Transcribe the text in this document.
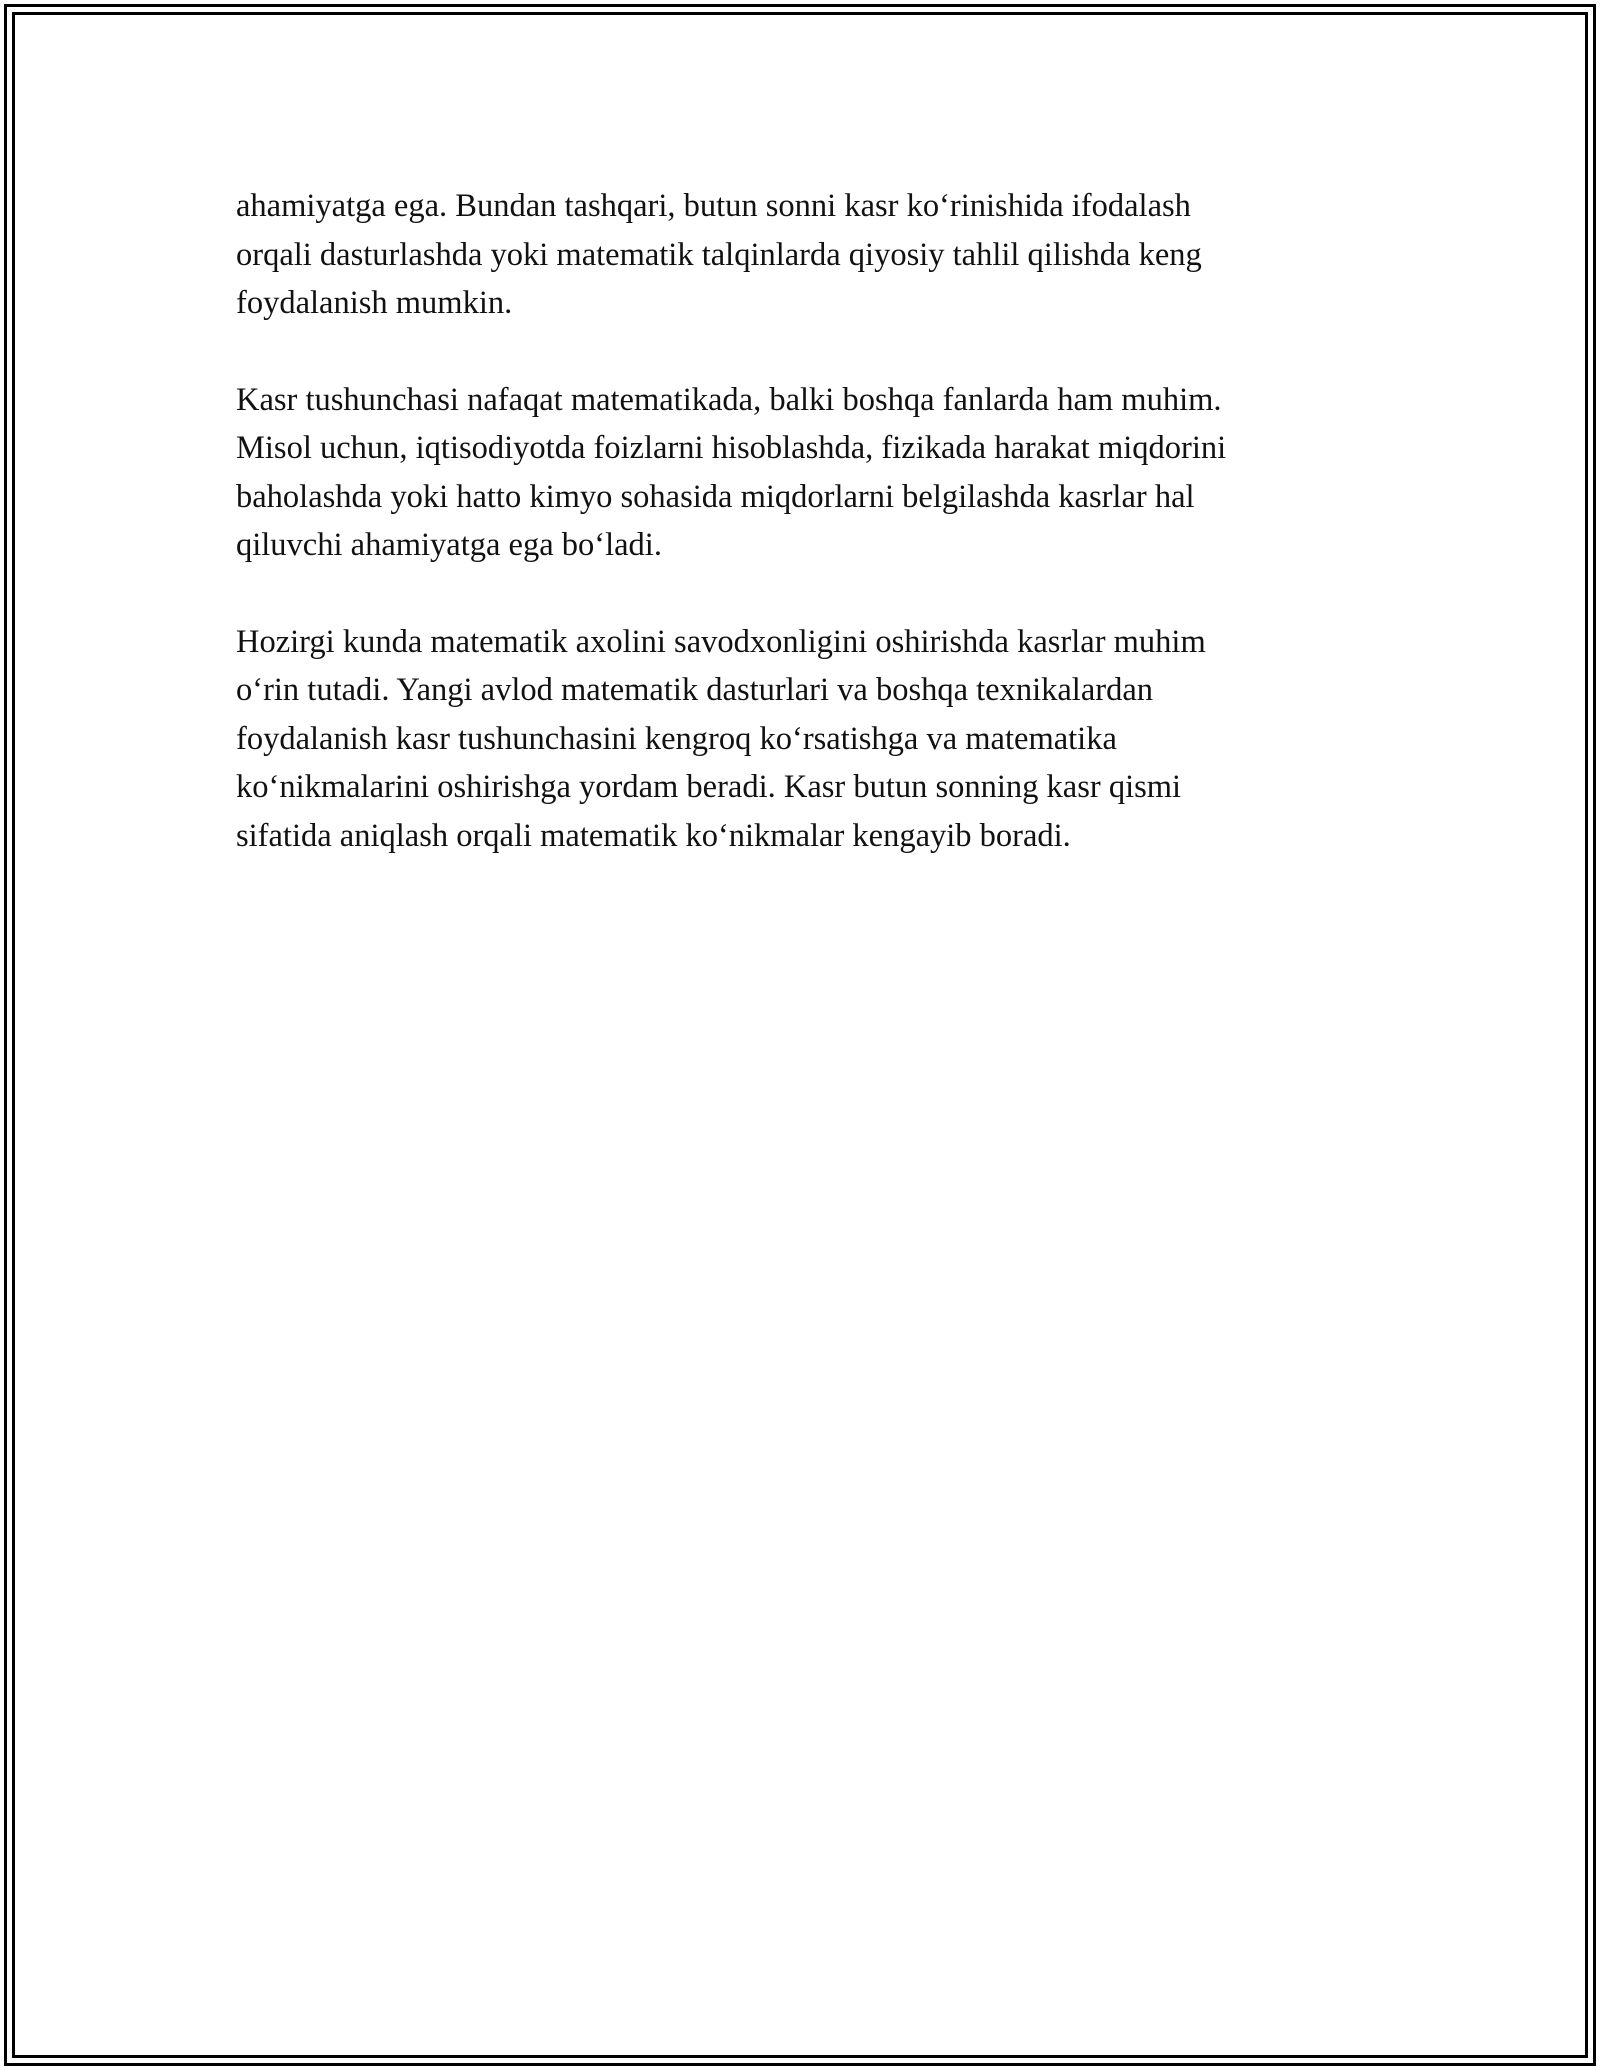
ahamiyatga ega. Bundan tashqari, butun sonni kasr koʻrinishida ifodalash
orqali dasturlashda yoki matematik talqinlarda qiyosiy tahlil qilishda keng
foydalanish mumkin.

Kasr tushunchasi nafaqat matematikada, balki boshqa fanlarda ham muhim.
Misol uchun, iqtisodiyotda foizlarni hisoblashda, fizikada harakat miqdorini
baholashda yoki hatto kimyo sohasida miqdorlarni belgilashda kasrlar hal
qiluvchi ahamiyatga ega boʻladi.

Hozirgi kunda matematik axolini savodxonligini oshirishda kasrlar muhim
oʻrin tutadi. Yangi avlod matematik dasturlari va boshqa texnikalardan
foydalanish kasr tushunchasini kengroq koʻrsatishga va matematika
koʻnikmalarini oshirishga yordam beradi. Kasr butun sonning kasr qismi
sifatida aniqlash orqali matematik koʻnikmalar kengayib boradi.
